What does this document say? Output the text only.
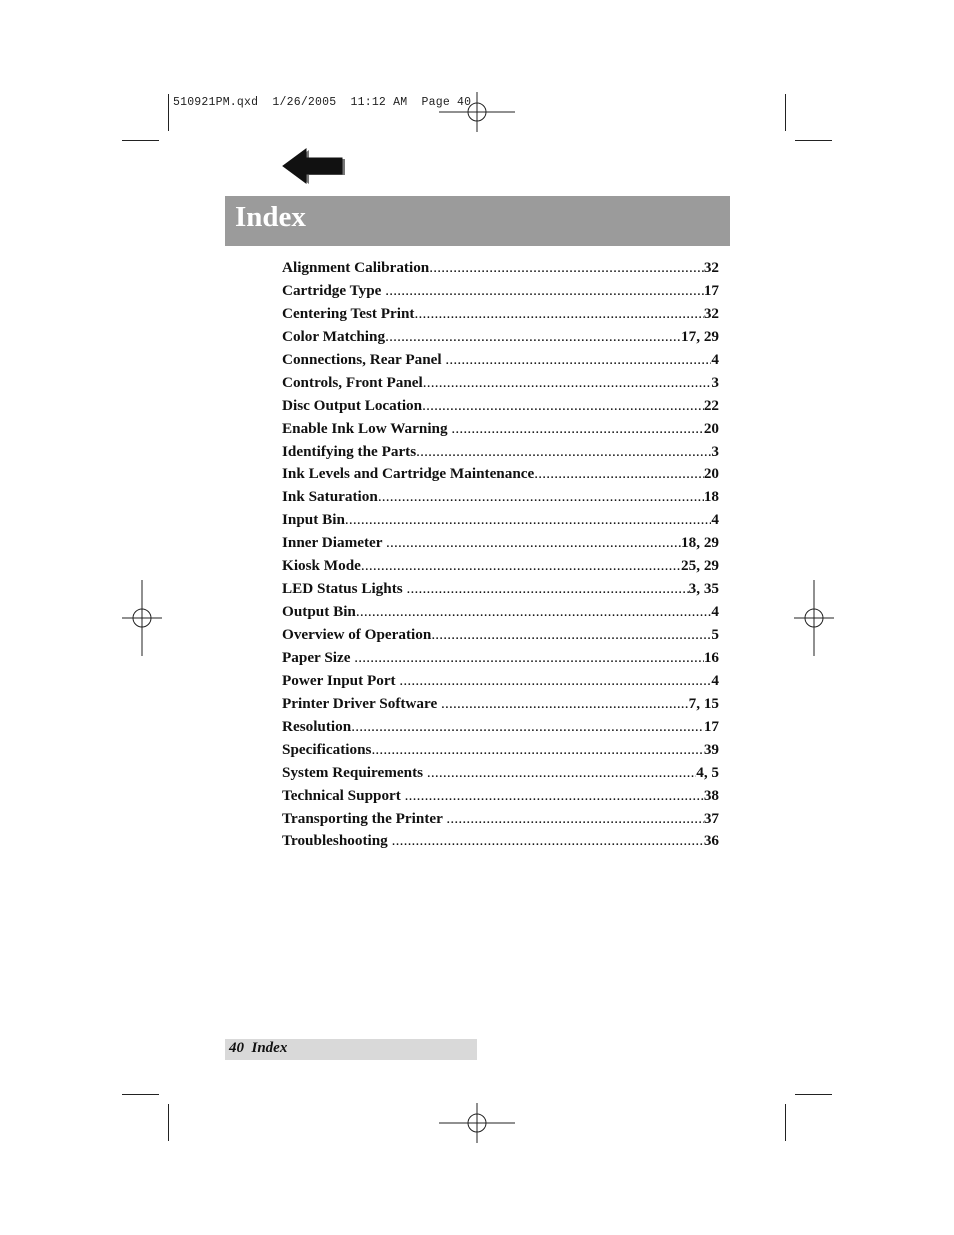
510921PM.qxd  1/26/2005  11:12 AM  Page 40
Index
Alignment Calibration .....	32
Cartridge Type .....	17
Centering Test Print .....	32
Color Matching .....	17, 29
Connections, Rear Panel .....	4
Controls, Front Panel .....	3
Disc Output Location .....	22
Enable Ink Low Warning .....	20
Identifying the Parts .....	3
Ink Levels and Cartridge Maintenance .....	20
Ink Saturation .....	18
Input Bin .....	4
Inner Diameter .....	18, 29
Kiosk Mode .....	25, 29
LED Status Lights .....	3, 35
Output Bin .....	4
Overview of Operation .....	5
Paper Size .....	16
Power Input Port .....	4
Printer Driver Software .....	7, 15
Resolution .....	17
Specifications .....	39
System Requirements .....	4, 5
Technical Support .....	38
Transporting the Printer .....	37
Troubleshooting .....	36
40 Index
